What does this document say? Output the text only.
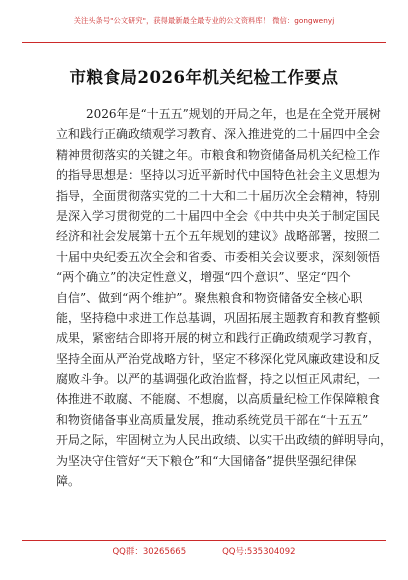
关注头条号"公文研究"，获得最新最全最专业的公文资料库！ 微信：gongwenyj
市粮食局2026年机关纪检工作要点
2026年是“十五五”规划的开局之年，也是在全党开展树
立和践行正确政绩观学习教育、深入推进党的二十届四中全会
精神贯彻落实的关键之年。市粮食和物资储备局机关纪检工作
的指导思想是：坚持以习近平新时代中国特色社会主义思想为
指导，全面贯彻落实党的二十大和二十届历次全会精神，特别
是深入学习贯彻党的二十届四中全会《中共中央关于制定国民
经济和社会发展第十五个五年规划的建议》战略部署，按照二
十届中央纪委五次全会和省委、市委相关会议要求，深刻领悟
“两个确立”的决定性意义，增强“四个意识”、坚定“四个
自信”、做到“两个维护”。聚焦粮食和物资储备安全核心职
能，坚持稳中求进工作总基调，巩固拓展主题教育和教育整顿
成果，紧密结合即将开展的树立和践行正确政绩观学习教育，
坚持全面从严治党战略方针，坚定不移深化党风廉政建设和反
腐败斗争。以严的基调强化政治监督，持之以恒正风肃纪，一
体推进不敢腐、不能腐、不想腐，以高质量纪检工作保障粮食
和物资储备事业高质量发展，推动系统党员干部在“十五五”
开局之际，牢固树立为人民出政绩、以实干出政绩的鲜明导向，
为坚决守住管好“天下粮仓”和“大国储备”提供坚强纪律保
障。
QQ群：30265665	QQ号:535304092
